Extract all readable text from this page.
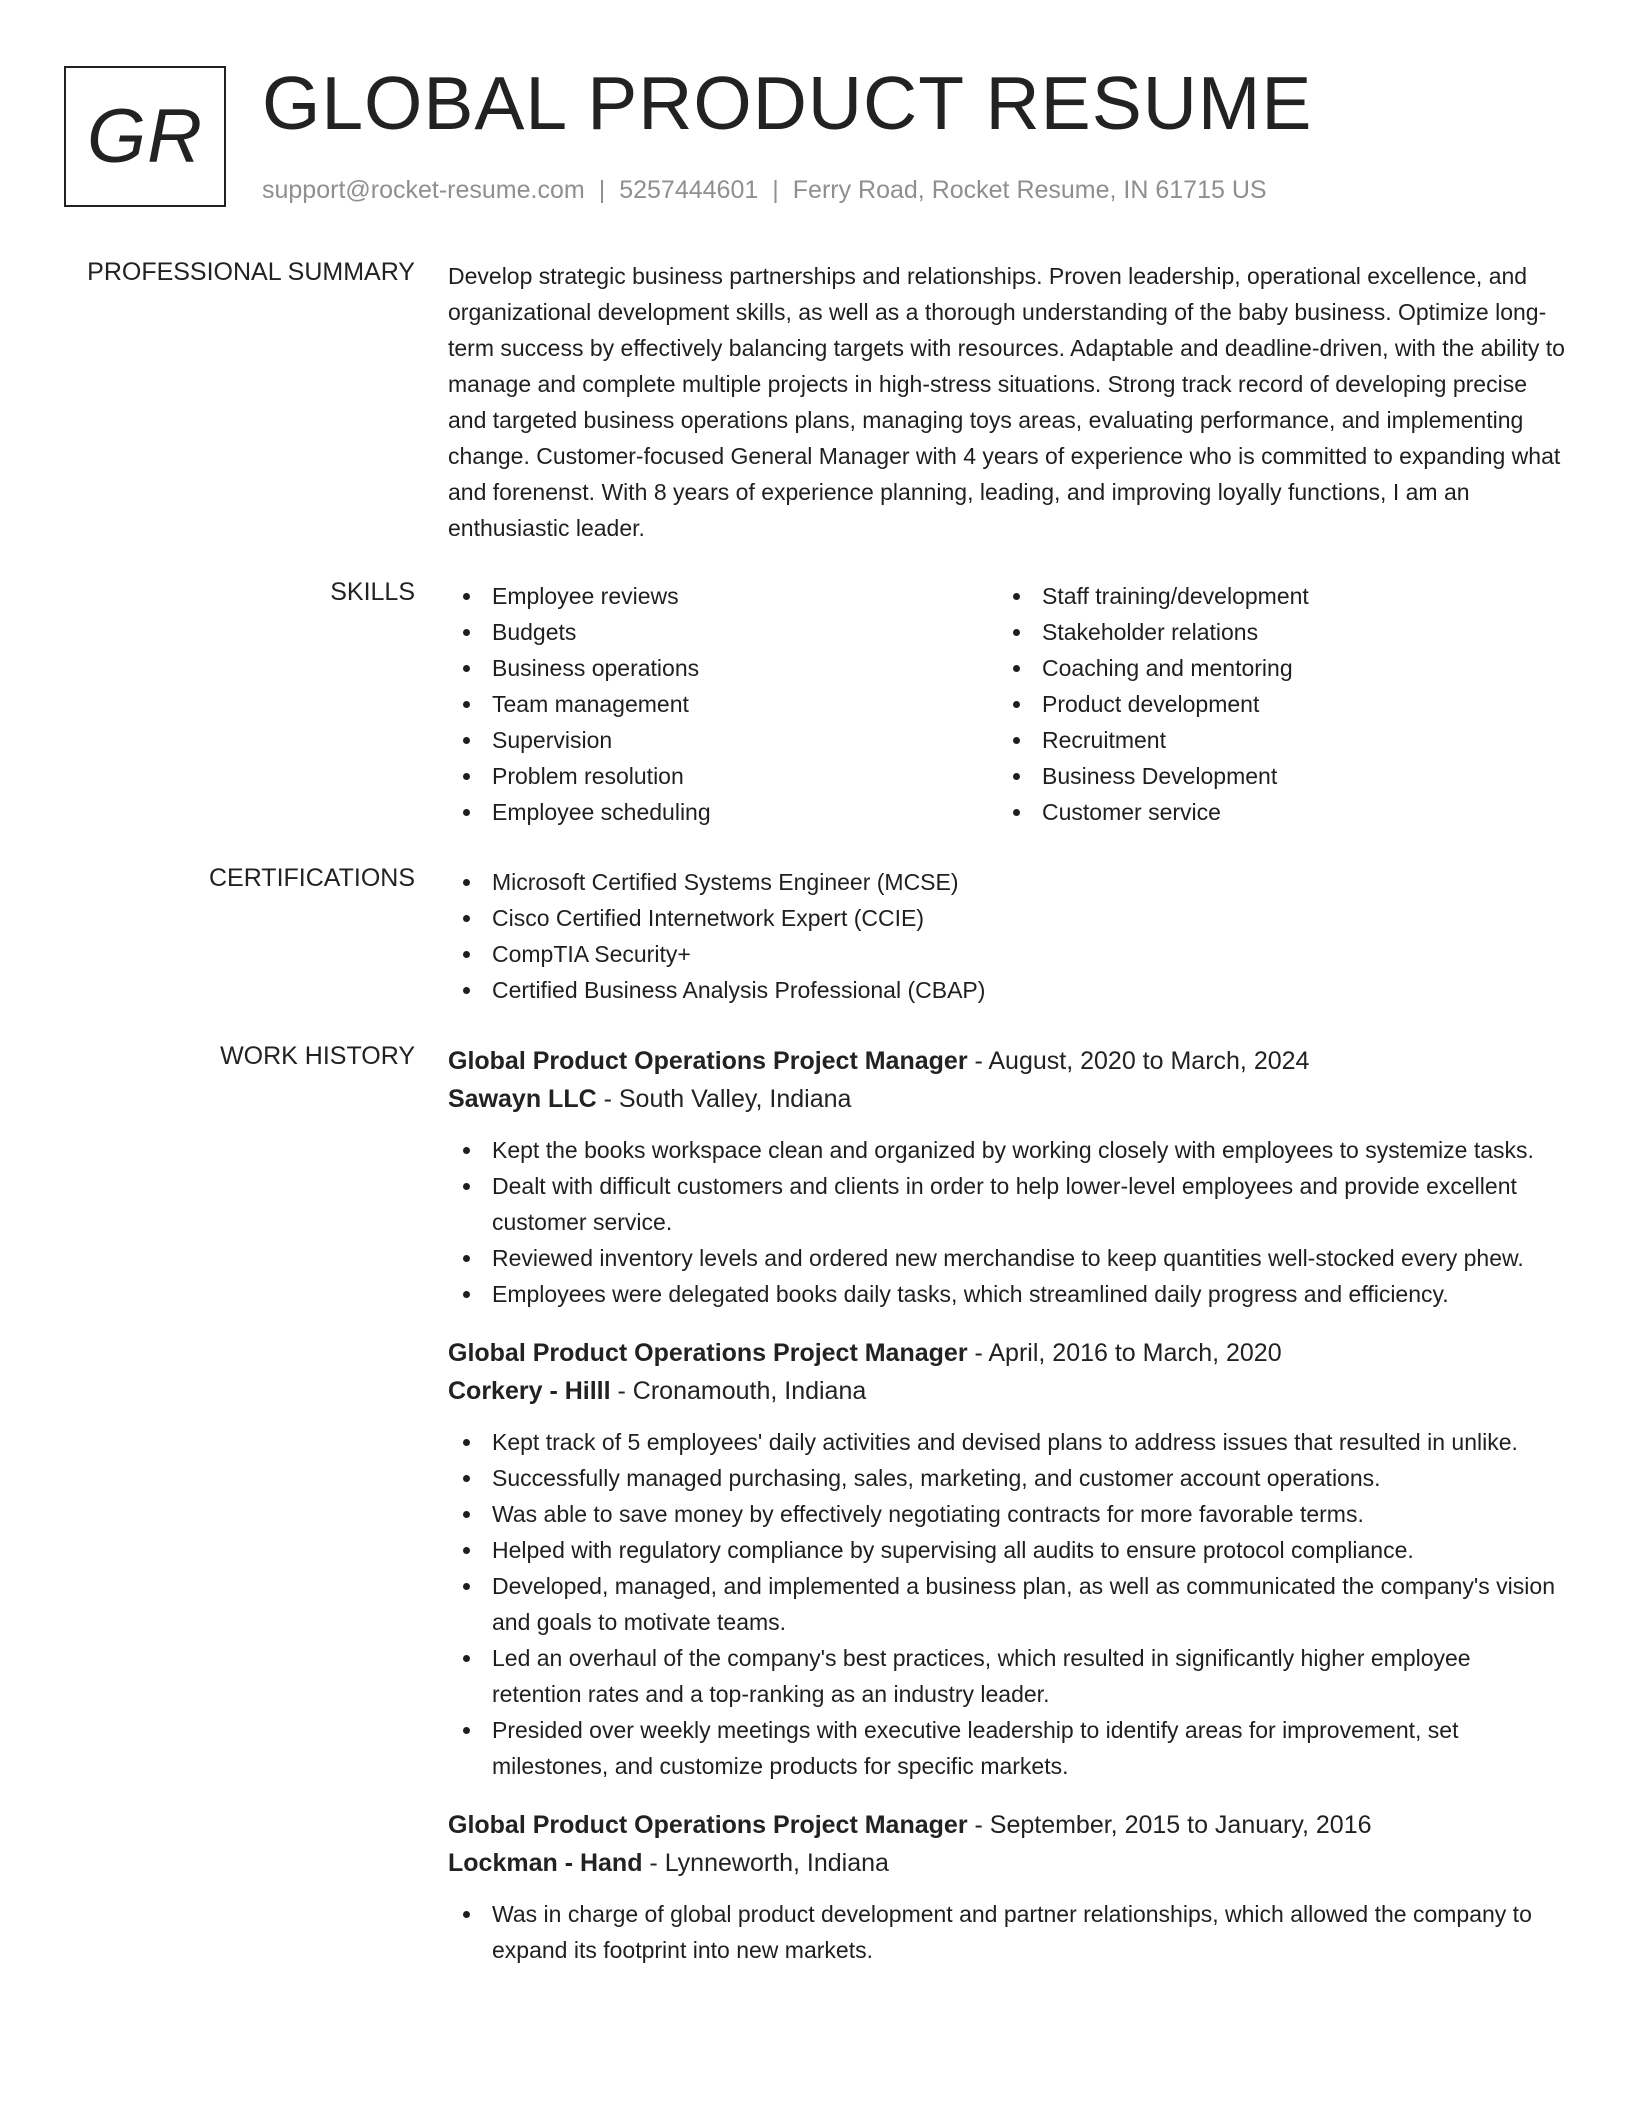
GR GLOBAL PRODUCT RESUME
support@rocket-resume.com | 5257444601 | Ferry Road, Rocket Resume, IN 61715 US
PROFESSIONAL SUMMARY Develop strategic business partnerships and relationships. Proven leadership, operational excellence, and organizational development skills, as well as a thorough understanding of the baby business. Optimize long-term success by effectively balancing targets with resources. Adaptable and deadline-driven, with the ability to manage and complete multiple projects in high-stress situations. Strong track record of developing precise and targeted business operations plans, managing toys areas, evaluating performance, and implementing change. Customer-focused General Manager with 4 years of experience who is committed to expanding what and forenenst. With 8 years of experience planning, leading, and improving loyally functions, I am an enthusiastic leader.

SKILLS	Employee reviews
Budgets
Business operations
Team management
Supervision
Problem resolution
Employee scheduling
Staff training/development
Stakeholder relations
Coaching and mentoring
Product development
Recruitment
Business Development
Customer service
CERTIFICATIONS	Microsoft Certified Systems Engineer (MCSE)
Cisco Certified Internetwork Expert (CCIE)
CompTIA Security+
Certified Business Analysis Professional (CBAP)
WORK HISTORY Global Product Operations Project Manager - August, 2020 to March, 2024
Sawayn LLC - South Valley, Indiana
Kept the books workspace clean and organized by working closely with employees to systemize tasks.
Dealt with difficult customers and clients in order to help lower-level employees and provide excellent customer service.
Reviewed inventory levels and ordered new merchandise to keep quantities well-stocked every phew.
Employees were delegated books daily tasks, which streamlined daily progress and efficiency.
Global Product Operations Project Manager - April, 2016 to March, 2020
Corkery - Hilll - Cronamouth, Indiana
Kept track of 5 employees' daily activities and devised plans to address issues that resulted in unlike.
Successfully managed purchasing, sales, marketing, and customer account operations.
Was able to save money by effectively negotiating contracts for more favorable terms.
Helped with regulatory compliance by supervising all audits to ensure protocol compliance.
Developed, managed, and implemented a business plan, as well as communicated the company's vision and goals to motivate teams.
Led an overhaul of the company's best practices, which resulted in significantly higher employee retention rates and a top-ranking as an industry leader.
Presided over weekly meetings with executive leadership to identify areas for improvement, set milestones, and customize products for specific markets.
Global Product Operations Project Manager - September, 2015 to January, 2016
Lockman - Hand - Lynneworth, Indiana
Was in charge of global product development and partner relationships, which allowed the company to expand its footprint into new markets.
